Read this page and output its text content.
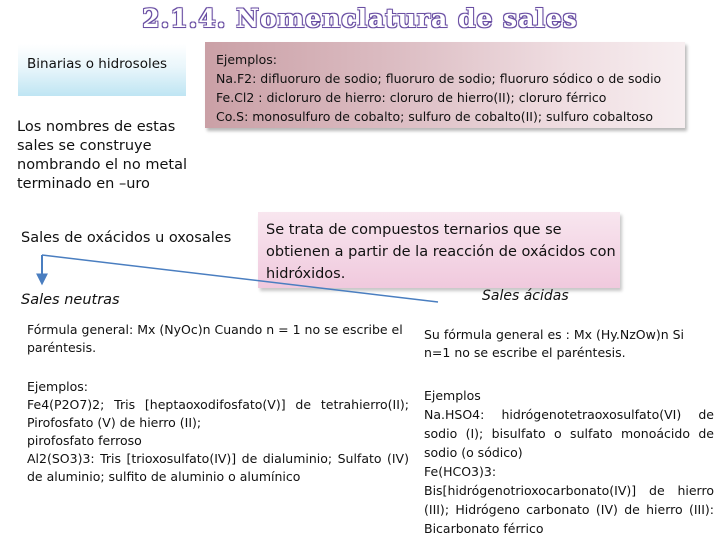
2.1.4. Nomenclatura de sales
Binarias o hidrosoles
Los nombres de estas sales se construye nombrando el no metal terminado en –uro
Ejemplos:
Na.F2: difluoruro de sodio; fluoruro de sodio; fluoruro sódico o de sodio
Fe.Cl2 : dicloruro de hierro: cloruro de hierro(II); cloruro férrico
Co.S: monosulfuro de cobalto; sulfuro de cobalto(II); sulfuro cobaltoso
Sales de oxácidos u oxosales	Se trata de compuestos ternarios que se obtienen a partir de la reacción de oxácidos con hidróxidos.
Sales neutras	Sales ácidas
Fórmula general: Mx (NyOc)n Cuando n = 1 no se escribe el paréntesis.
Ejemplos:
Fe4(P2O7)2; Tris [heptaoxodifosfato(V)] de tetrahierro(II); Pirofosfato (V) de hierro (II);
pirofosfato ferroso
Al2(SO3)3: Tris [trioxosulfato(IV)] de dialuminio; Sulfato (IV) de aluminio; sulfito de aluminio o alumínico
Su fórmula general es : Mx (Hy.NzOw)n Si n=1 no se escribe el paréntesis.
Ejemplos
Na.HSO4: hidrógenotetraoxosulfato(VI) de sodio (I); bisulfato o sulfato monoácido de sodio (o sódico)
Fe(HCO3)3:
Bis[hidrógenotrioxocarbonato(IV)] de hierro (III); Hidrógeno carbonato (IV) de hierro (III): Bicarbonato férrico
